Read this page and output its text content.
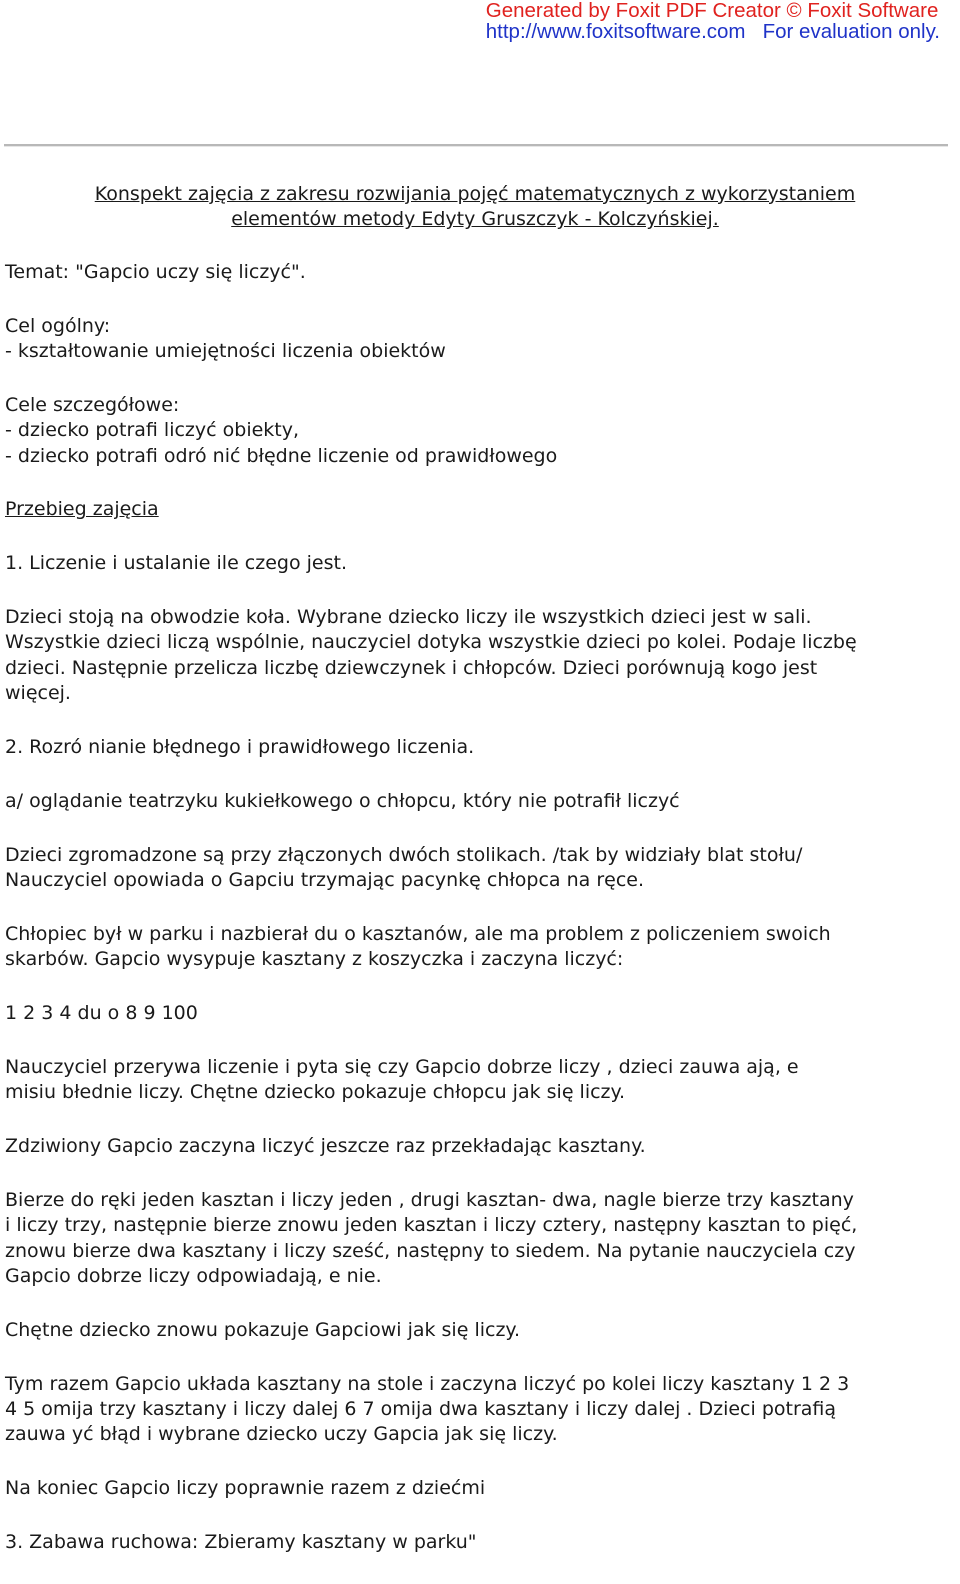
Generated by Foxit PDF Creator © Foxit Software
http://www.foxitsoftware.com For evaluation only.

Konspekt zajęcia z zakresu rozwijania pojęć matematycznych z wykorzystaniem
elementów metody Edyty Gruszczyk - Kolczyńskiej.

Temat: "Gapcio uczy się liczyć".

Cel ogólny:
- kształtowanie umiejętności liczenia obiektów

Cele szczegółowe:
- dziecko potrafi liczyć obiekty,
- dziecko potrafi odró nić błędne liczenie od prawidłowego

Przebieg zajęcia

1. Liczenie i ustalanie ile czego jest.

Dzieci stoją na obwodzie koła. Wybrane dziecko liczy ile wszystkich dzieci jest w sali.
Wszystkie dzieci liczą wspólnie, nauczyciel dotyka wszystkie dzieci po kolei. Podaje liczbę
dzieci. Następnie przelicza liczbę dziewczynek i chłopców. Dzieci porównują kogo jest
więcej.

2. Rozró nianie błędnego i prawidłowego liczenia.

a/ oglądanie teatrzyku kukiełkowego o chłopcu, który nie potrafił liczyć

Dzieci zgromadzone są przy złączonych dwóch stolikach. /tak by widziały blat stołu/
Nauczyciel opowiada o Gapciu trzymając pacynkę chłopca na ręce.

Chłopiec był w parku i nazbierał du o kasztanów, ale ma problem z policzeniem swoich
skarbów. Gapcio wysypuje kasztany z koszyczka i zaczyna liczyć:

1 2 3 4 du o 8 9 100

Nauczyciel przerywa liczenie i pyta się czy Gapcio dobrze liczy , dzieci zauwa ają, e
misiu błednie liczy. Chętne dziecko pokazuje chłopcu jak się liczy.

Zdziwiony Gapcio zaczyna liczyć jeszcze raz przekładając kasztany.

Bierze do ręki jeden kasztan i liczy jeden , drugi kasztan- dwa, nagle bierze trzy kasztany
i liczy trzy, następnie bierze znowu jeden kasztan i liczy cztery, następny kasztan to pięć,
znowu bierze dwa kasztany i liczy sześć, następny to siedem. Na pytanie nauczyciela czy
Gapcio dobrze liczy odpowiadają, e nie.

Chętne dziecko znowu pokazuje Gapciowi jak się liczy.

Tym razem Gapcio układa kasztany na stole i zaczyna liczyć po kolei liczy kasztany 1 2 3
4 5 omija trzy kasztany i liczy dalej 6 7 omija dwa kasztany i liczy dalej . Dzieci potrafią
zauwa yć błąd i wybrane dziecko uczy Gapcia jak się liczy.

Na koniec Gapcio liczy poprawnie razem z dziećmi

3. Zabawa ruchowa: Zbieramy kasztany w parku"
